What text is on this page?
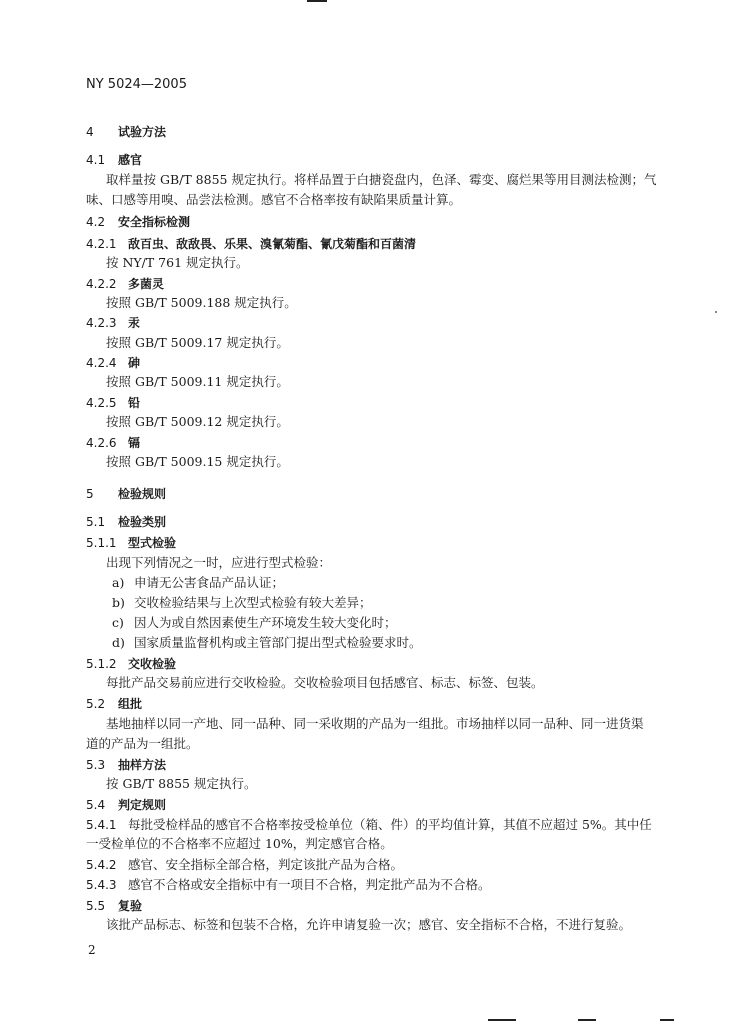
NY 5024—2005
4 试验方法
4.1 感官
取样量按 GB/T 8855 规定执行。将样品置于白搪瓷盘内，色泽、霉变、腐烂果等用目测法检测；气
味、口感等用嗅、品尝法检测。感官不合格率按有缺陷果质量计算。
4.2 安全指标检测
4.2.1 敌百虫、敌敌畏、乐果、溴氰菊酯、氰戊菊酯和百菌清
按 NY/T 761 规定执行。
4.2.2 多菌灵
按照 GB/T 5009.188 规定执行。
4.2.3 汞
按照 GB/T 5009.17 规定执行。
4.2.4 砷
按照 GB/T 5009.11 规定执行。
4.2.5 铅
按照 GB/T 5009.12 规定执行。
4.2.6 镉
按照 GB/T 5009.15 规定执行。
5 检验规则
5.1 检验类别
5.1.1 型式检验
出现下列情况之一时，应进行型式检验：
a) 申请无公害食品产品认证；
b) 交收检验结果与上次型式检验有较大差异；
c) 因人为或自然因素使生产环境发生较大变化时；
d) 国家质量监督机构或主管部门提出型式检验要求时。
5.1.2 交收检验
每批产品交易前应进行交收检验。交收检验项目包括感官、标志、标签、包装。
5.2 组批
基地抽样以同一产地、同一品种、同一采收期的产品为一组批。市场抽样以同一品种、同一进货渠
道的产品为一组批。
5.3 抽样方法
按 GB/T 8855 规定执行。
5.4 判定规则
5.4.1 每批受检样品的感官不合格率按受检单位（箱、件）的平均值计算，其值不应超过 5%。其中任
一受检单位的不合格率不应超过 10%，判定感官合格。
5.4.2 感官、安全指标全部合格，判定该批产品为合格。
5.4.3 感官不合格或安全指标中有一项目不合格，判定批产品为不合格。
5.5 复验
该批产品标志、标签和包装不合格，允许申请复验一次；感官、安全指标不合格，不进行复验。
2
